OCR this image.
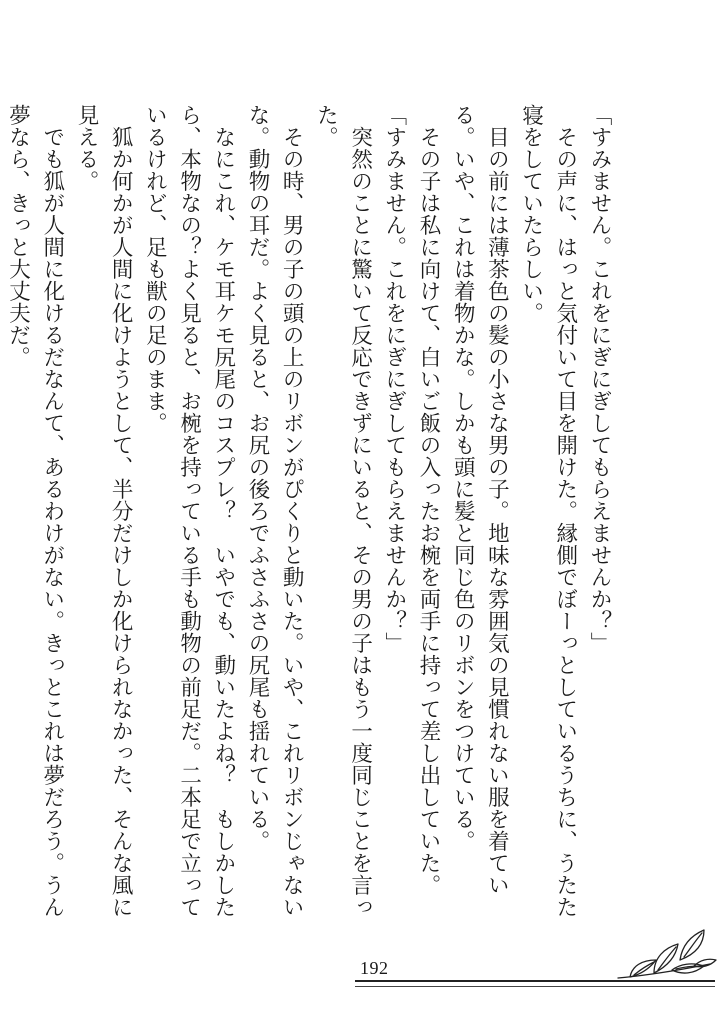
「すみません。これをにぎにぎしてもらえませんか？」

その声に、はっと気付いて目を開けた。縁側でぼーっとしているうちに、うたた寝をしていたらしい。

目の前には薄茶色の髪の小さな男の子。地味な雰囲気の見慣れない服を着ている。いや、これは着物かな。しかも頭に髪と同じ色のリボンをつけている。

その子は私に向けて、白いご飯の入ったお椀を両手に持って差し出していた。

「すみません。これをにぎにぎしてもらえませんか？」

突然のことに驚いて反応できずにいると、その男の子はもう一度同じことを言った。

その時、男の子の頭の上のリボンがぴくりと動いた。いや、これリボンじゃないな。動物の耳だ。よく見ると、お尻の後ろでふさふさの尻尾も揺れている。

なにこれ、ケモ耳ケモ尻尾のコスプレ？　いやでも、動いたよね？　もしかしたら、本物なの？よく見ると、お椀を持っている手も動物の前足だ。二本足で立っているけれど、足も獣の足のまま。

狐か何かが人間に化けようとして、半分だけしか化けられなかった、そんな風に見える。

でも狐が人間に化けるだなんて、あるわけがない。きっとこれは夢だろう。うん夢なら、きっと大丈夫だ。

192
